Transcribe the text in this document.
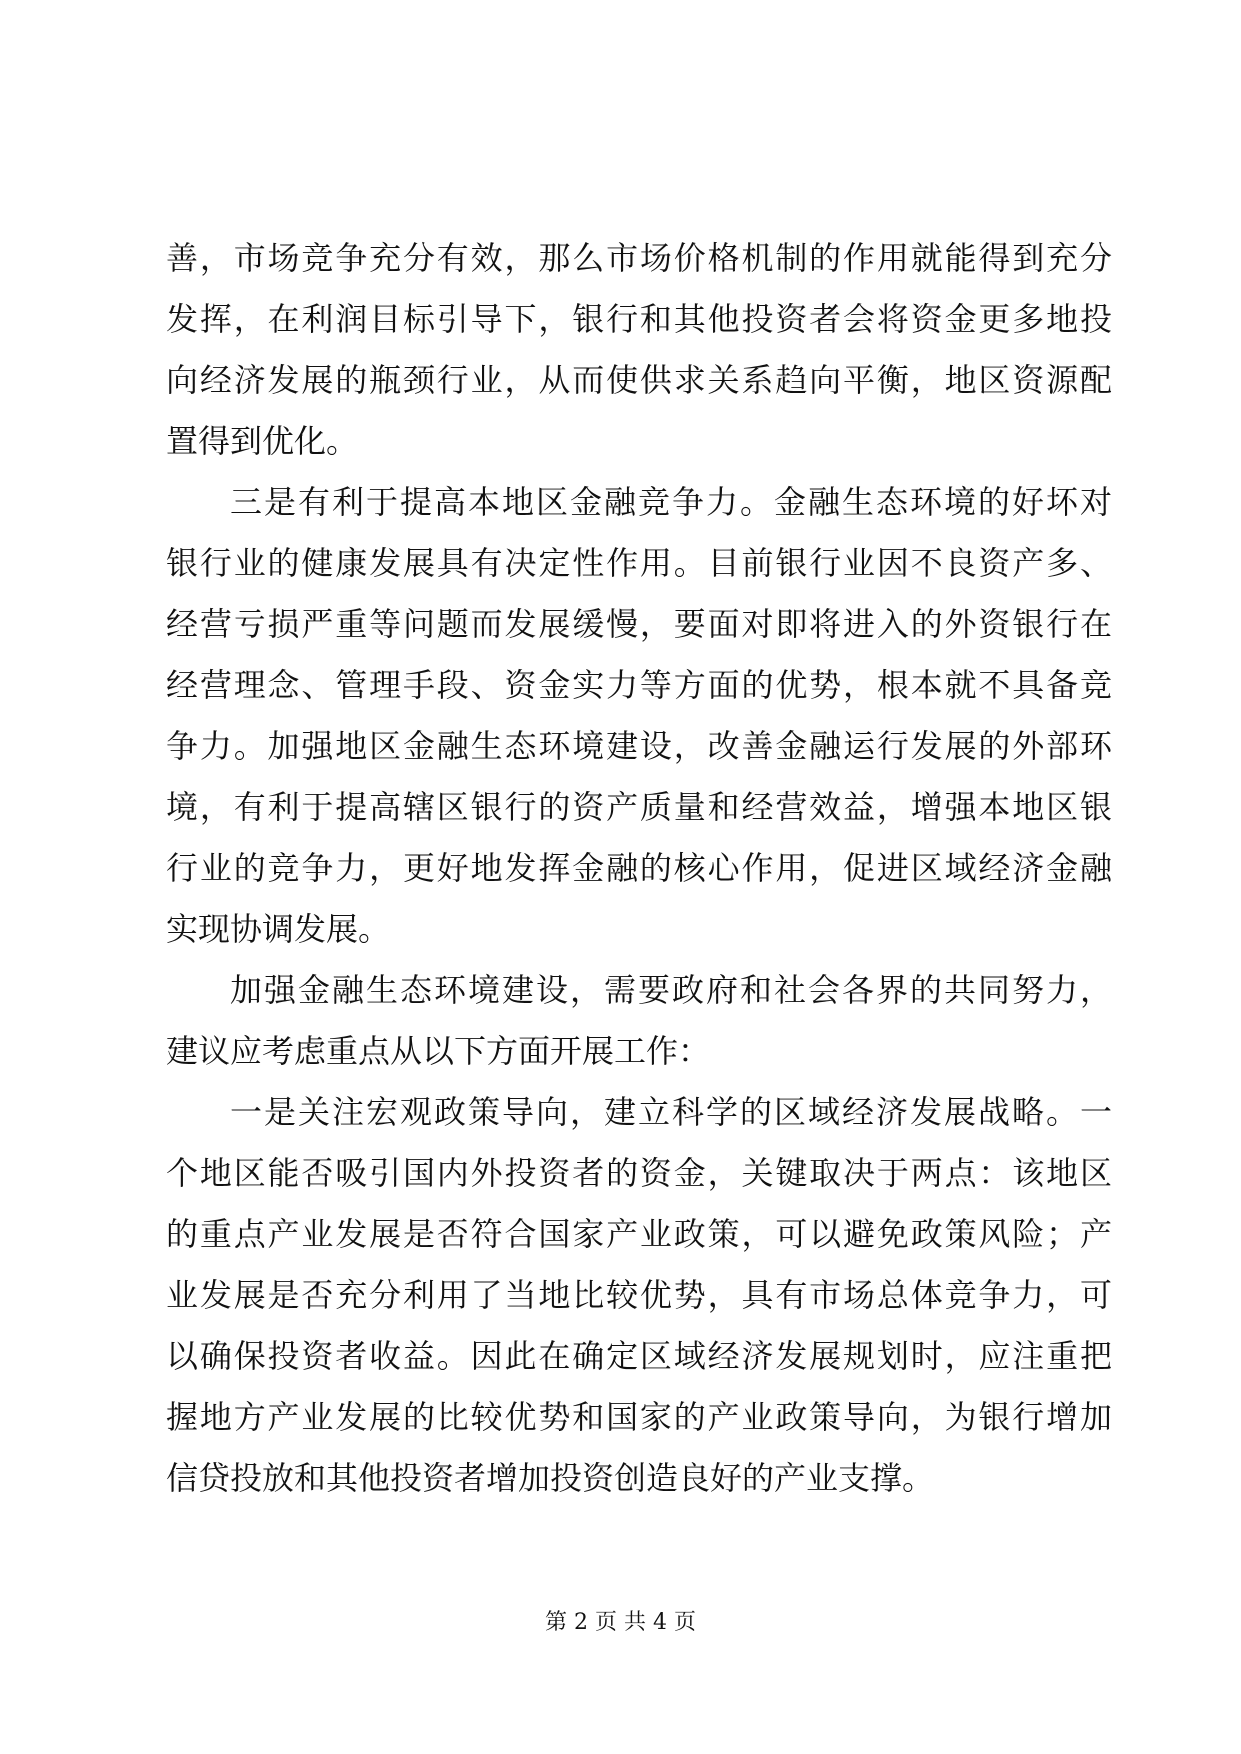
善，市场竞争充分有效，那么市场价格机制的作用就能得到充分
发挥，在利润目标引导下，银行和其他投资者会将资金更多地投
向经济发展的瓶颈行业，从而使供求关系趋向平衡，地区资源配
置得到优化。
三是有利于提高本地区金融竞争力。金融生态环境的好坏对
银行业的健康发展具有决定性作用。目前银行业因不良资产多、
经营亏损严重等问题而发展缓慢，要面对即将进入的外资银行在
经营理念、管理手段、资金实力等方面的优势，根本就不具备竞
争力。加强地区金融生态环境建设，改善金融运行发展的外部环
境，有利于提高辖区银行的资产质量和经营效益，增强本地区银
行业的竞争力，更好地发挥金融的核心作用，促进区域经济金融
实现协调发展。
加强金融生态环境建设，需要政府和社会各界的共同努力，
建议应考虑重点从以下方面开展工作：
一是关注宏观政策导向，建立科学的区域经济发展战略。一
个地区能否吸引国内外投资者的资金，关键取决于两点：该地区
的重点产业发展是否符合国家产业政策，可以避免政策风险；产
业发展是否充分利用了当地比较优势，具有市场总体竞争力，可
以确保投资者收益。因此在确定区域经济发展规划时，应注重把
握地方产业发展的比较优势和国家的产业政策导向，为银行增加
信贷投放和其他投资者增加投资创造良好的产业支撑。
第 2 页 共 4 页
